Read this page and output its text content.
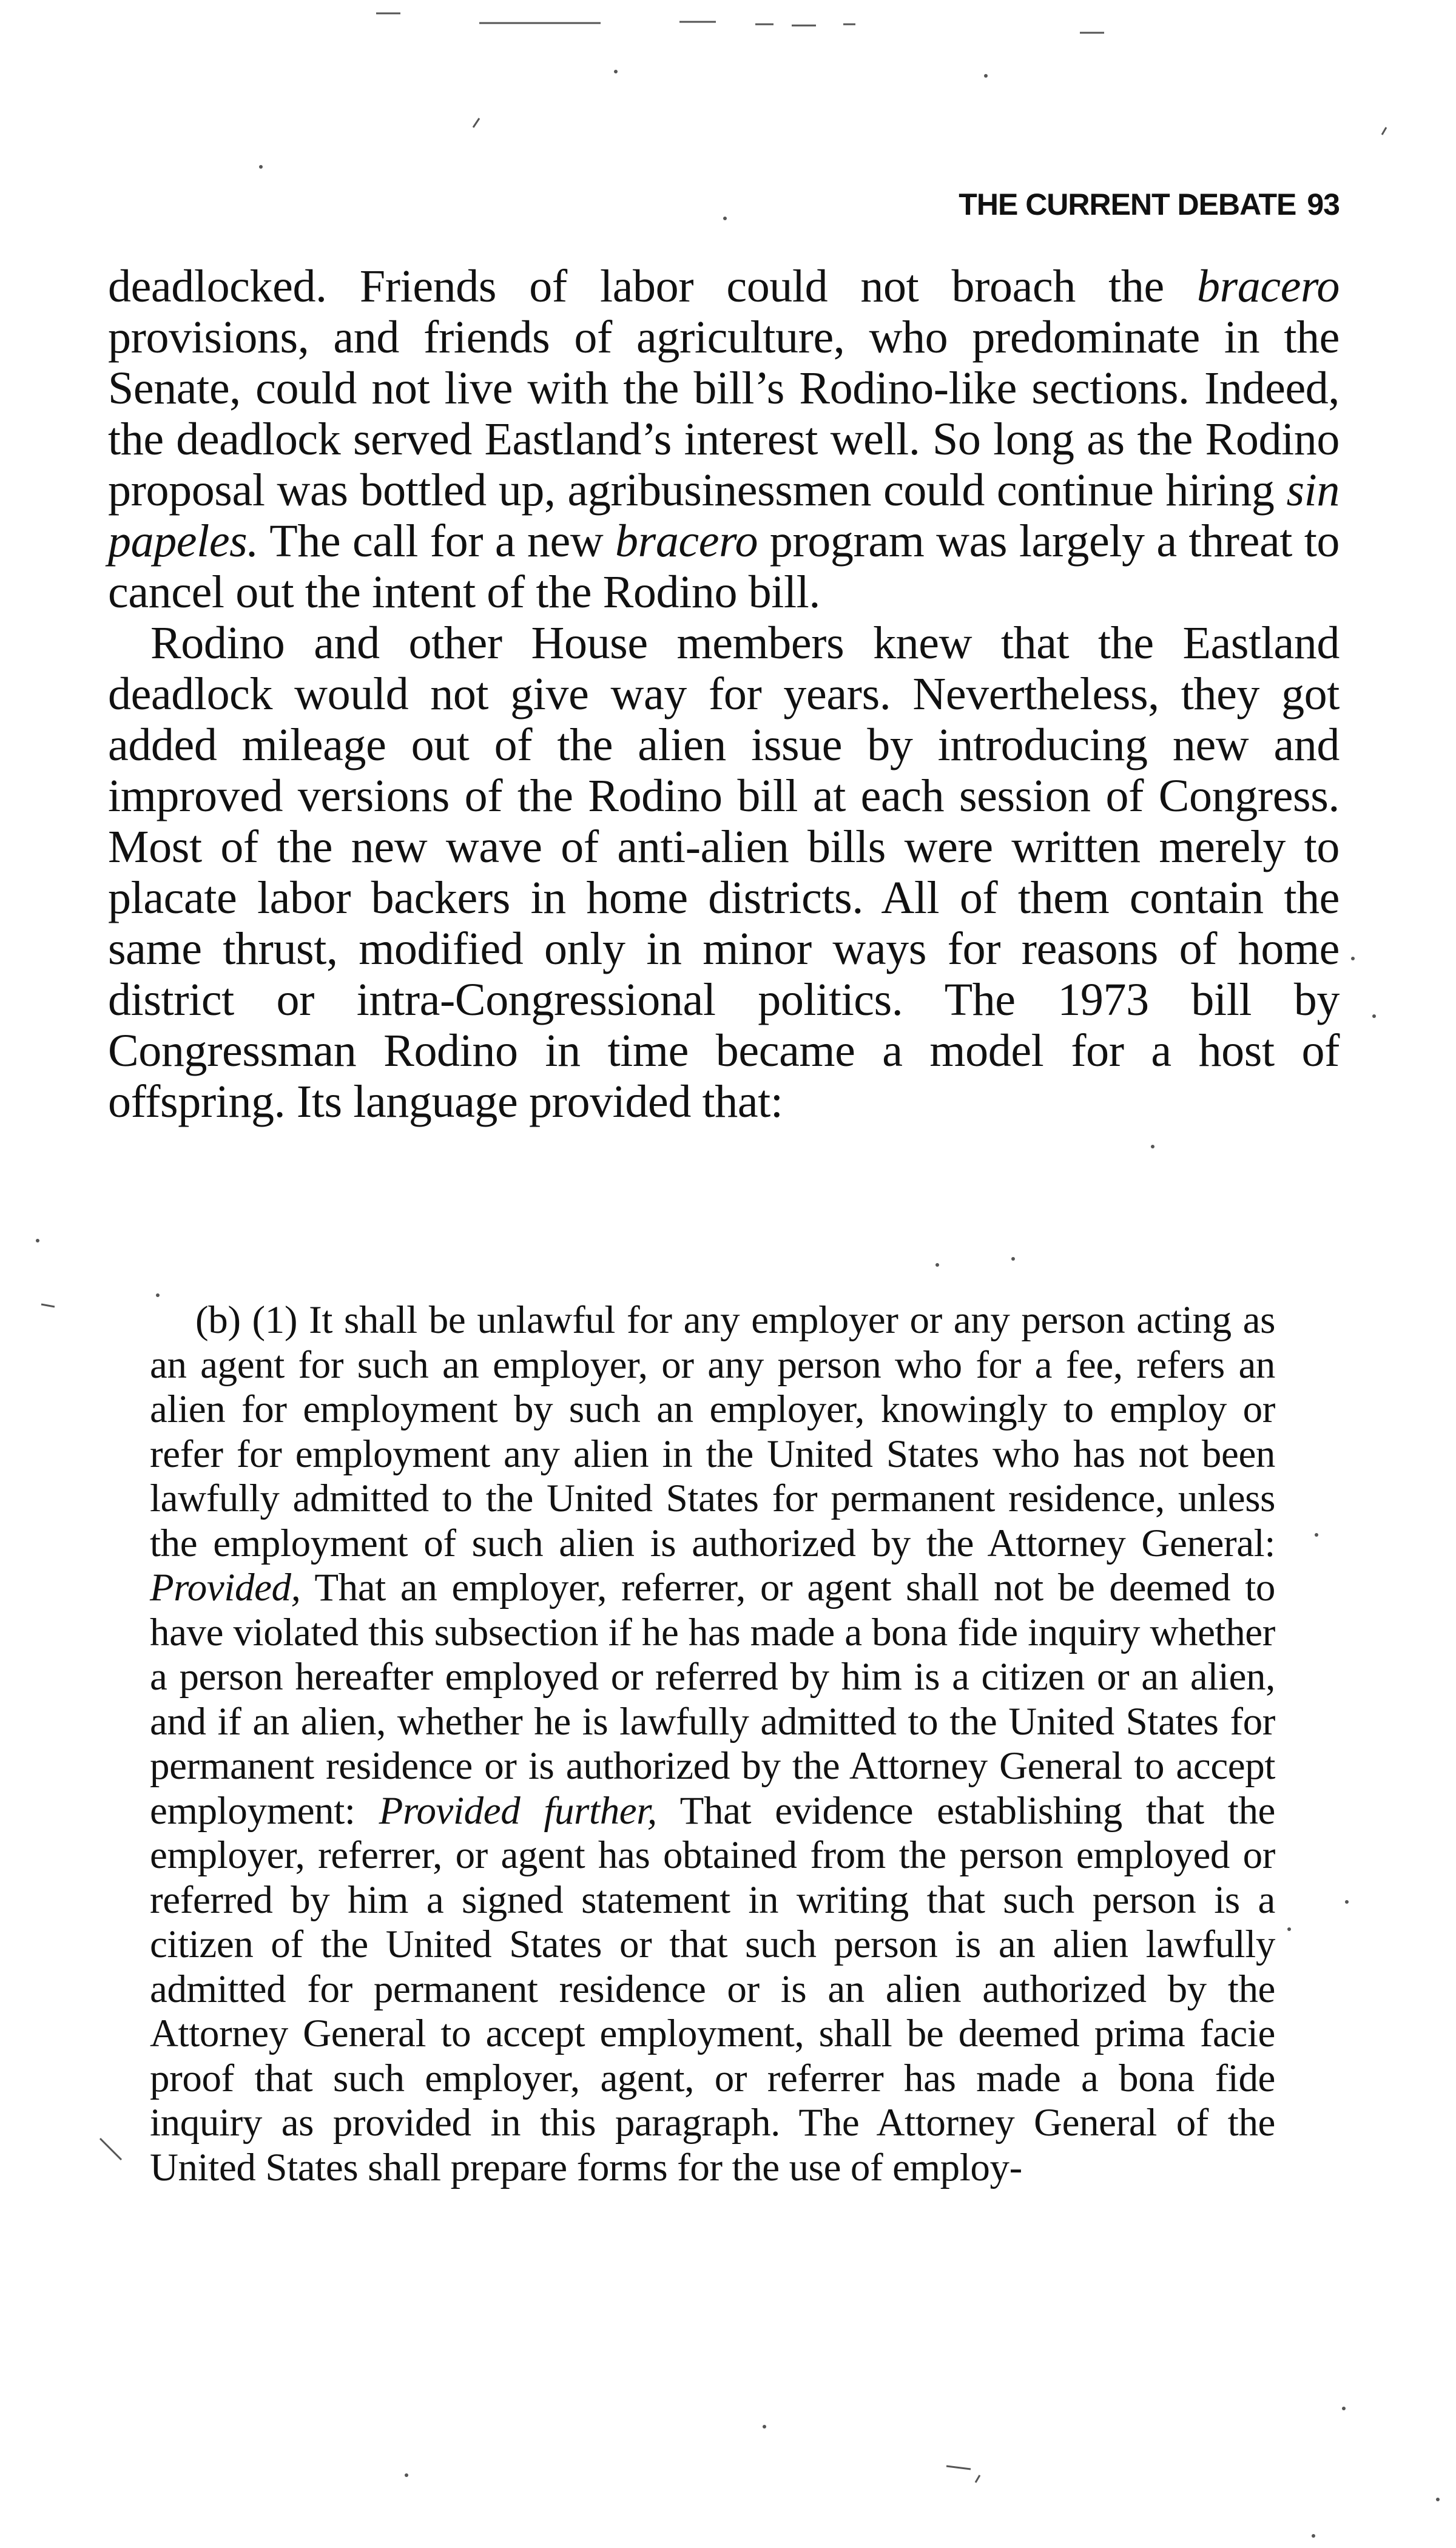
THE CURRENT DEBATE 93

deadlocked. Friends of labor could not broach the bracero provisions, and friends of agriculture, who predominate in the Senate, could not live with the bill’s Rodino-like sections. Indeed, the deadlock served Eastland’s interest well. So long as the Rodino proposal was bottled up, agribusinessmen could continue hiring sin papeles. The call for a new bracero program was largely a threat to cancel out the intent of the Rodino bill.

Rodino and other House members knew that the Eastland deadlock would not give way for years. Nevertheless, they got added mileage out of the alien issue by introducing new and improved versions of the Rodino bill at each session of Congress. Most of the new wave of anti-alien bills were written merely to placate labor backers in home districts. All of them contain the same thrust, modified only in minor ways for reasons of home district or intra-Congressional politics. The 1973 bill by Congressman Rodino in time became a model for a host of offspring. Its language provided that:

(b) (1) It shall be unlawful for any employer or any person acting as an agent for such an employer, or any person who for a fee, refers an alien for employment by such an employer, knowingly to employ or refer for employment any alien in the United States who has not been lawfully admitted to the United States for permanent residence, unless the employment of such alien is authorized by the Attorney General: Provided, That an employer, referrer, or agent shall not be deemed to have violated this subsection if he has made a bona fide inquiry whether a person hereafter employed or referred by him is a citizen or an alien, and if an alien, whether he is lawfully admitted to the United States for permanent residence or is authorized by the Attorney General to accept employment: Provided further, That evidence establishing that the employer, referrer, or agent has obtained from the person employed or referred by him a signed statement in writing that such person is a citizen of the United States or that such person is an alien lawfully admitted for permanent residence or is an alien authorized by the Attorney General to accept employment, shall be deemed prima facie proof that such employer, agent, or referrer has made a bona fide inquiry as provided in this paragraph. The Attorney General of the United States shall prepare forms for the use of employ-
